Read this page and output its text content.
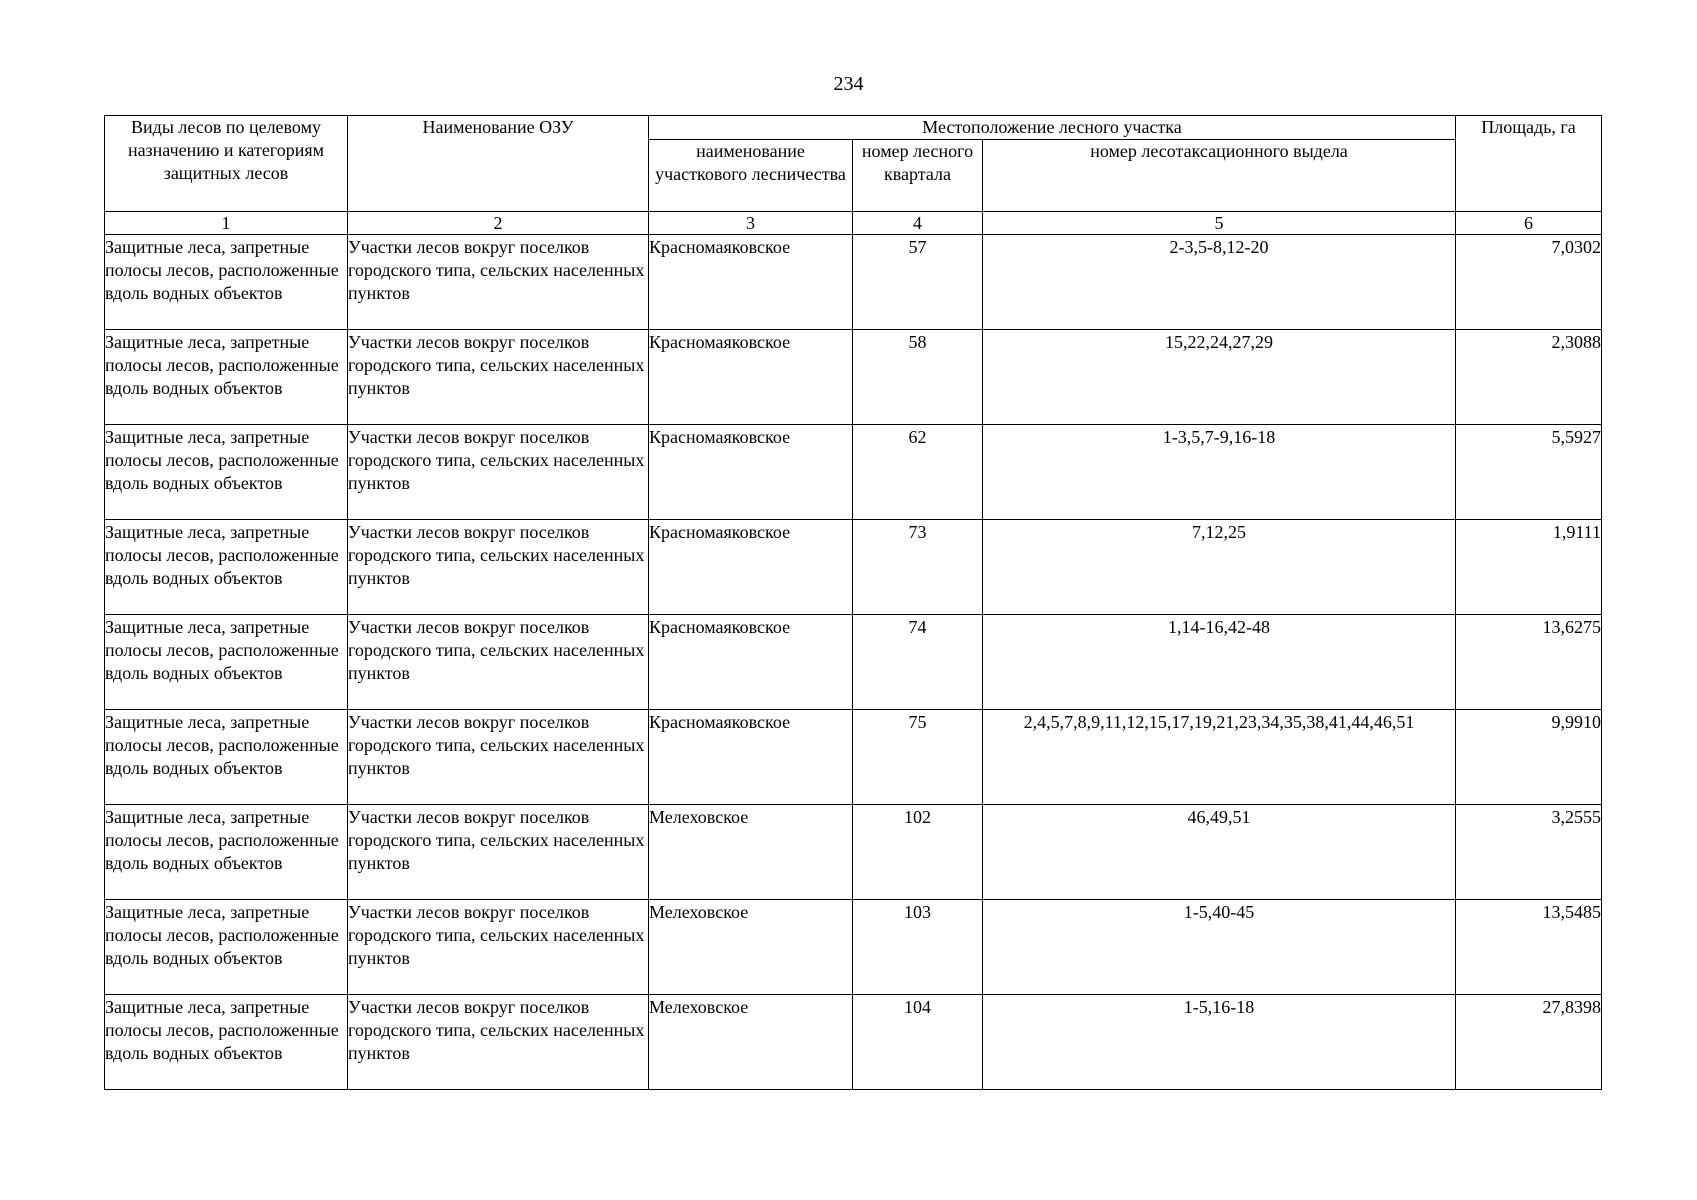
234
Виды лесов по целевому назначению и категориям защитных лесов	Наименование ОЗУ	Местоположение лесного участка			Площадь, га
		наименование участкового лесничества	номер лесного квартала	номер лесотаксационного выдела	
1	2	3	4	5	6
Защитные леса, запретные полосы лесов, расположенные вдоль водных объектов	Участки лесов вокруг поселков городского типа, сельских населенных пунктов	Красномаяковское	57	2-3,5-8,12-20	7,0302
Защитные леса, запретные полосы лесов, расположенные вдоль водных объектов	Участки лесов вокруг поселков городского типа, сельских населенных пунктов	Красномаяковское	58	15,22,24,27,29	2,3088
Защитные леса, запретные полосы лесов, расположенные вдоль водных объектов	Участки лесов вокруг поселков городского типа, сельских населенных пунктов	Красномаяковское	62	1-3,5,7-9,16-18	5,5927
Защитные леса, запретные полосы лесов, расположенные вдоль водных объектов	Участки лесов вокруг поселков городского типа, сельских населенных пунктов	Красномаяковское	73	7,12,25	1,9111
Защитные леса, запретные полосы лесов, расположенные вдоль водных объектов	Участки лесов вокруг поселков городского типа, сельских населенных пунктов	Красномаяковское	74	1,14-16,42-48	13,6275
Защитные леса, запретные полосы лесов, расположенные вдоль водных объектов	Участки лесов вокруг поселков городского типа, сельских населенных пунктов	Красномаяковское	75	2,4,5,7,8,9,11,12,15,17,19,21,23,34,35,38,41,44,46,51	9,9910
Защитные леса, запретные полосы лесов, расположенные вдоль водных объектов	Участки лесов вокруг поселков городского типа, сельских населенных пунктов	Мелеховское	102	46,49,51	3,2555
Защитные леса, запретные полосы лесов, расположенные вдоль водных объектов	Участки лесов вокруг поселков городского типа, сельских населенных пунктов	Мелеховское	103	1-5,40-45	13,5485
Защитные леса, запретные полосы лесов, расположенные вдоль водных объектов	Участки лесов вокруг поселков городского типа, сельских населенных пунктов	Мелеховское	104	1-5,16-18	27,8398
